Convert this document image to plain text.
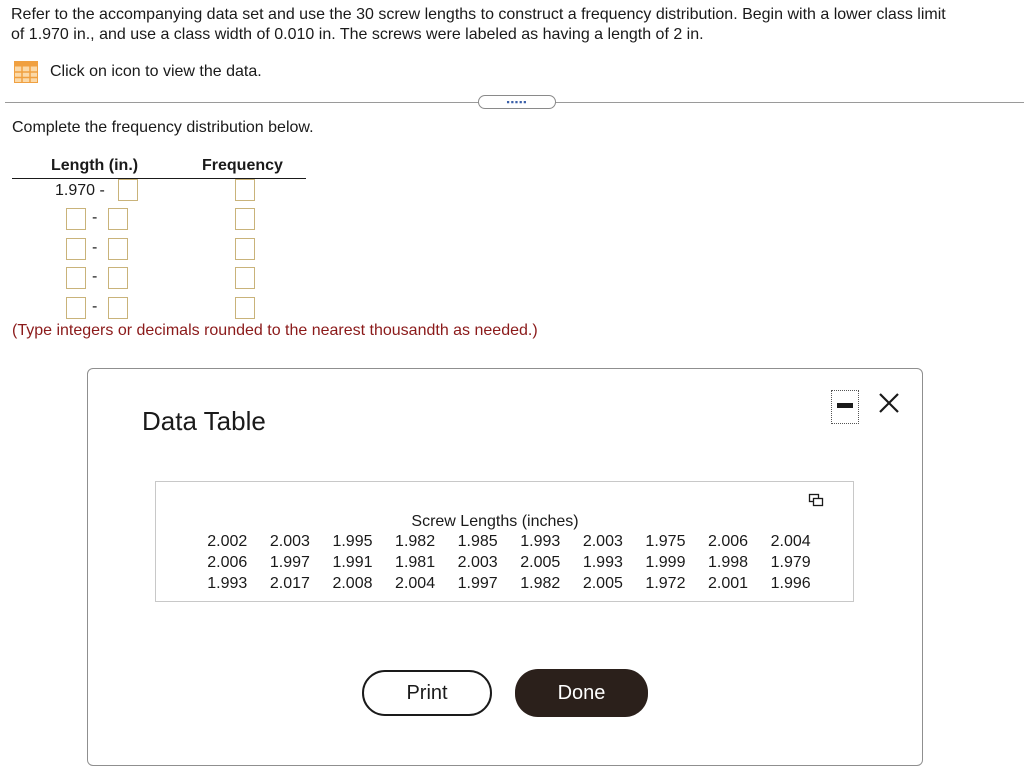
Refer to the accompanying data set and use the 30 screw lengths to construct a frequency distribution. Begin with a lower class limit
of 1.970 in., and use a class width of 0.010 in. The screws were labeled as having a length of 2 in.
Click on icon to view the data.
▪▪▪▪▪
Complete the frequency distribution below.
Length (in.)	Frequency
1.970 -
-
-
-
-
(Type integers or decimals rounded to the nearest thousandth as needed.)
Data Table
Screw Lengths (inches)
2.002	2.003	1.995	1.982	1.985	1.993	2.003	1.975	2.006	2.004
2.006	1.997	1.991	1.981	2.003	2.005	1.993	1.999	1.998	1.979
1.993	2.017	2.008	2.004	1.997	1.982	2.005	1.972	2.001	1.996
Print	Done
